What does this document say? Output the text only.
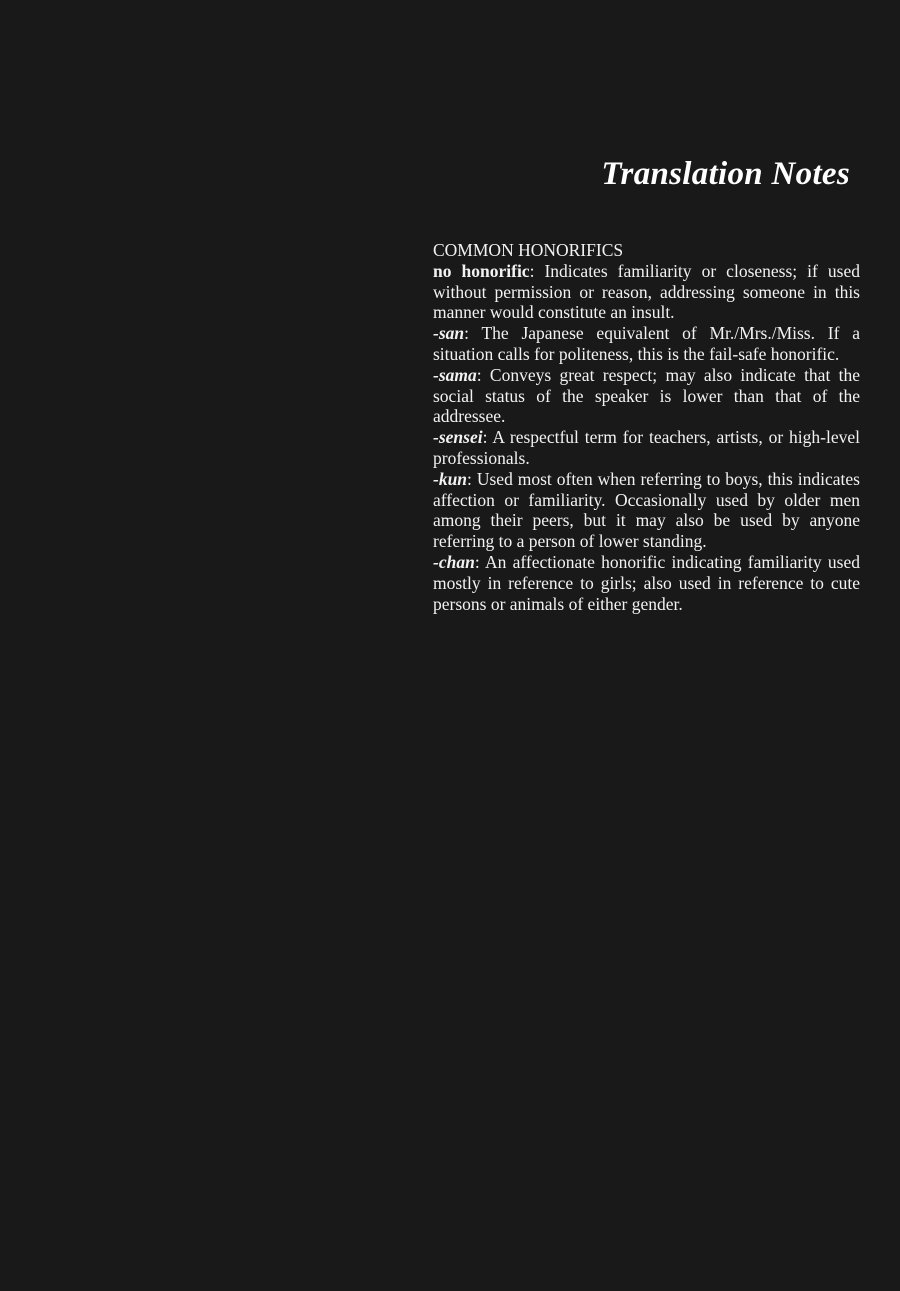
Translation Notes

COMMON HONORIFICS

no honorific: Indicates familiarity or closeness; if used without permission or reason, addressing someone in this manner would constitute an insult.

-san: The Japanese equivalent of Mr./Mrs./Miss. If a situation calls for politeness, this is the fail-safe honorific.

-sama: Conveys great respect; may also indicate that the social status of the speaker is lower than that of the addressee.

-sensei: A respectful term for teachers, artists, or high-level professionals.

-kun: Used most often when referring to boys, this indicates affection or familiarity. Occasionally used by older men among their peers, but it may also be used by anyone referring to a person of lower standing.

-chan: An affectionate honorific indicating familiarity used mostly in reference to girls; also used in reference to cute persons or animals of either gender.
